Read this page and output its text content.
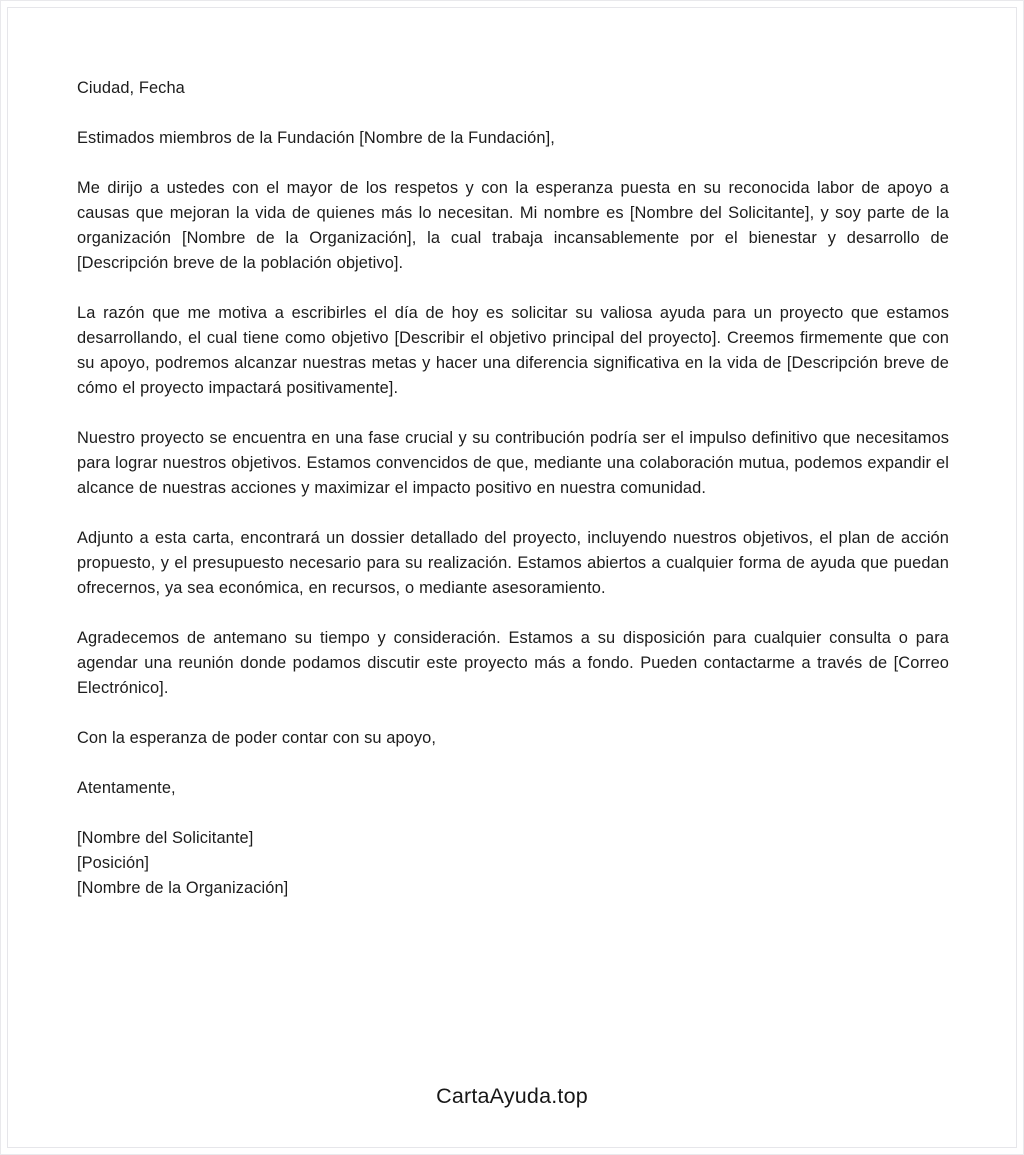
Ciudad, Fecha

Estimados miembros de la Fundación [Nombre de la Fundación],

Me dirijo a ustedes con el mayor de los respetos y con la esperanza puesta en su reconocida labor de apoyo a causas que mejoran la vida de quienes más lo necesitan. Mi nombre es [Nombre del Solicitante], y soy parte de la organización [Nombre de la Organización], la cual trabaja incansablemente por el bienestar y desarrollo de [Descripción breve de la población objetivo].

La razón que me motiva a escribirles el día de hoy es solicitar su valiosa ayuda para un proyecto que estamos desarrollando, el cual tiene como objetivo [Describir el objetivo principal del proyecto]. Creemos firmemente que con su apoyo, podremos alcanzar nuestras metas y hacer una diferencia significativa en la vida de [Descripción breve de cómo el proyecto impactará positivamente].

Nuestro proyecto se encuentra en una fase crucial y su contribución podría ser el impulso definitivo que necesitamos para lograr nuestros objetivos. Estamos convencidos de que, mediante una colaboración mutua, podemos expandir el alcance de nuestras acciones y maximizar el impacto positivo en nuestra comunidad.

Adjunto a esta carta, encontrará un dossier detallado del proyecto, incluyendo nuestros objetivos, el plan de acción propuesto, y el presupuesto necesario para su realización. Estamos abiertos a cualquier forma de ayuda que puedan ofrecernos, ya sea económica, en recursos, o mediante asesoramiento.

Agradecemos de antemano su tiempo y consideración. Estamos a su disposición para cualquier consulta o para agendar una reunión donde podamos discutir este proyecto más a fondo. Pueden contactarme a través de [Correo Electrónico].

Con la esperanza de poder contar con su apoyo,

Atentamente,

[Nombre del Solicitante]
[Posición]
[Nombre de la Organización]
CartaAyuda.top
